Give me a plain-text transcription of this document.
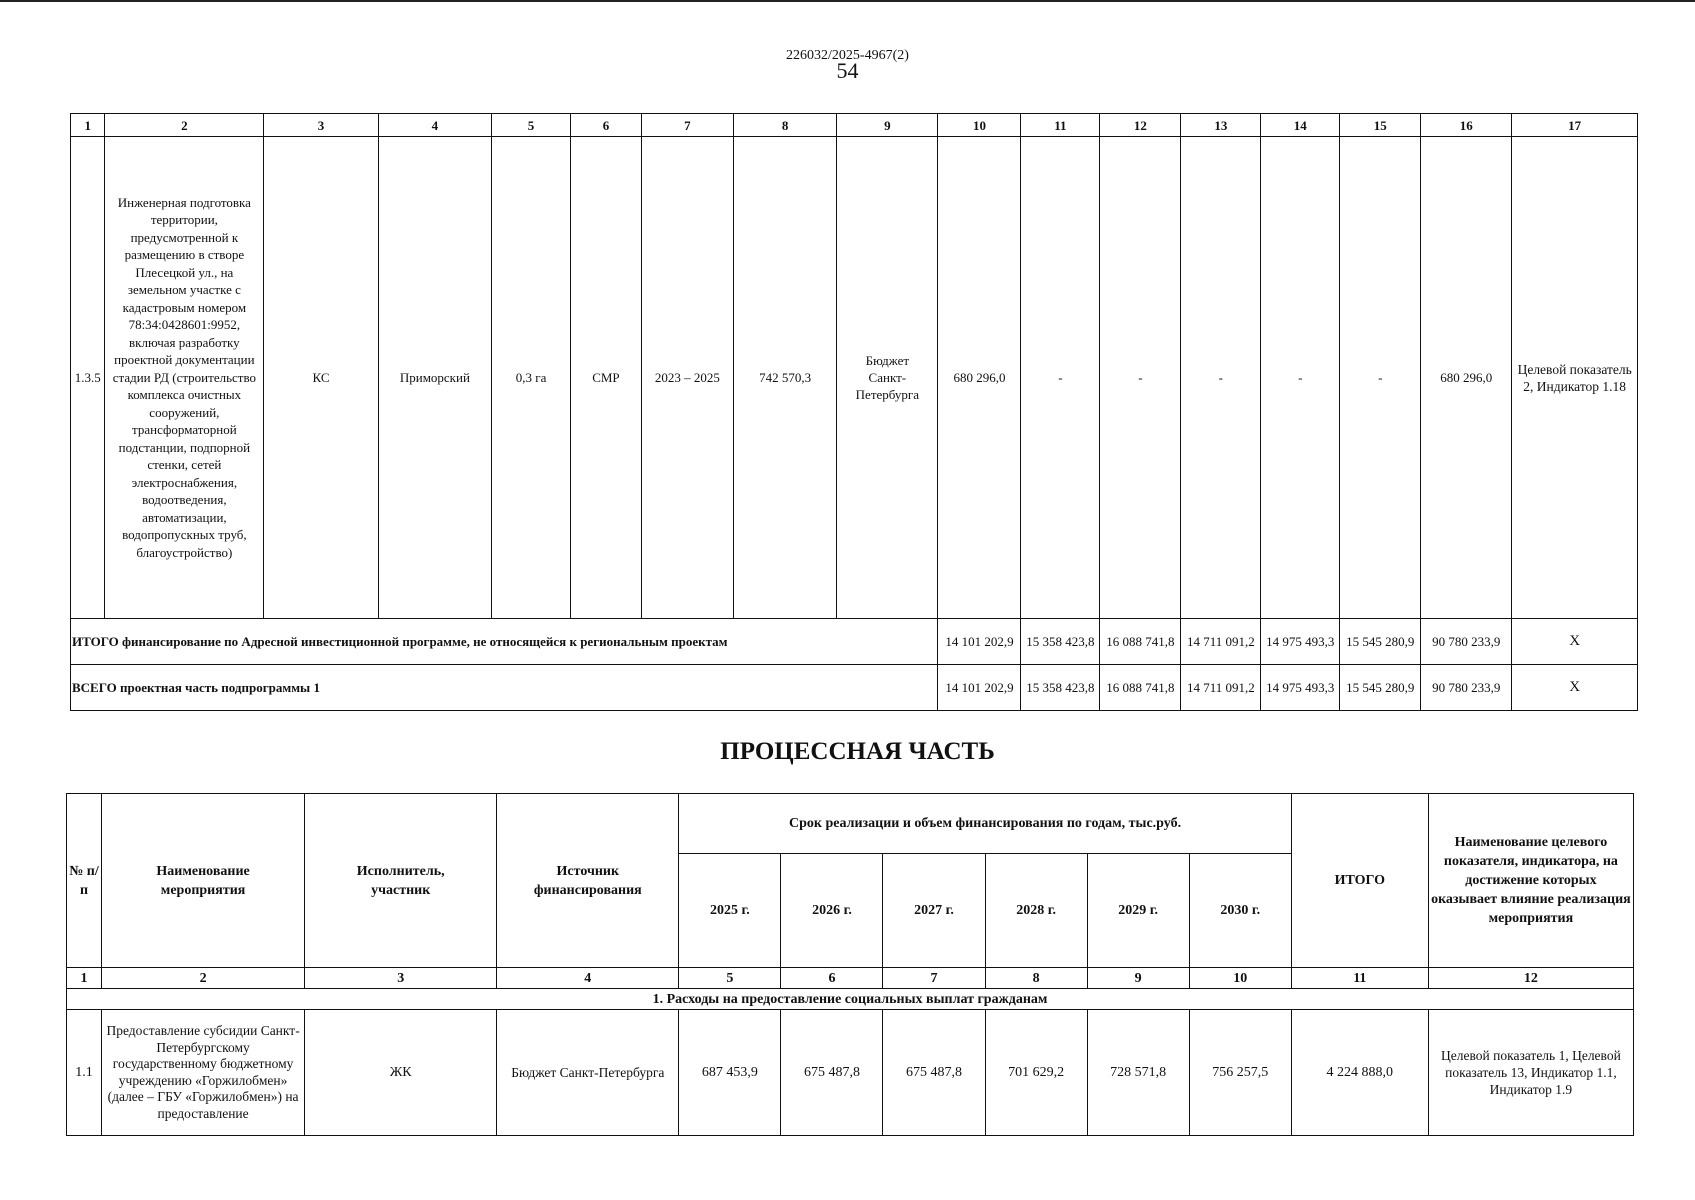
226032/2025-4967(2)
54
1	2	3	4	5	6	7	8	9	10	11	12	13	14	15	16	17
1.3.5	Инженерная подготовка территории, предусмотренной к размещению в створе Плесецкой ул., на земельном участке с кадастровым номером 78:34:0428601:9952, включая разработку проектной документации стадии РД (строительство комплекса очистных сооружений, трансформаторной подстанции, подпорной стенки, сетей электроснабжения, водоотведения, автоматизации, водопропускных труб, благоустройство)	КС	Приморский	0,3 га	СМР	2023 – 2025	742 570,3	Бюджет Санкт-Петербурга	680 296,0	-	-	-	-	-	680 296,0	Целевой показатель 2, Индикатор 1.18
ИТОГО финансирование по Адресной инвестиционной программе, не относящейся к региональным проектам									14 101 202,9	15 358 423,8	16 088 741,8	14 711 091,2	14 975 493,3	15 545 280,9	90 780 233,9	Х
ВСЕГО проектная часть подпрограммы 1									14 101 202,9	15 358 423,8	16 088 741,8	14 711 091,2	14 975 493,3	15 545 280,9	90 780 233,9	Х
ПРОЦЕССНАЯ ЧАСТЬ
№ п/п	Наименование мероприятия	Исполнитель, участник	Источник финансирования	Срок реализации и объем финансирования по годам, тыс.руб.						ИТОГО	Наименование целевого показателя, индикатора, на достижение которых оказывает влияние реализация мероприятия
				2025 г.	2026 г.	2027 г.	2028 г.	2029 г.	2030 г.		
1	2	3	4	5	6	7	8	9	10	11	12
1. Расходы на предоставление социальных выплат гражданам											
1.1	Предоставление субсидии Санкт-Петербургскому государственному бюджетному учреждению «Горжилобмен» (далее – ГБУ «Горжилобмен») на предоставление	ЖК	Бюджет Санкт-Петербурга	687 453,9	675 487,8	675 487,8	701 629,2	728 571,8	756 257,5	4 224 888,0	Целевой показатель 1, Целевой показатель 13, Индикатор 1.1, Индикатор 1.9
